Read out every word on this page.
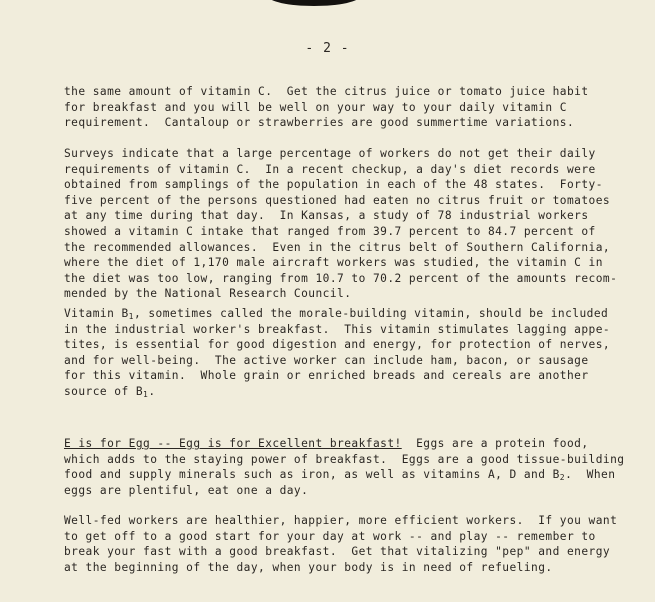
- 2 -
the same amount of vitamin C.  Get the citrus juice or tomato juice habit
for breakfast and you will be well on your way to your daily vitamin C
requirement.  Cantaloup or strawberries are good summertime variations.
Surveys indicate that a large percentage of workers do not get their daily
requirements of vitamin C.  In a recent checkup, a day's diet records were
obtained from samplings of the population in each of the 48 states.  Forty-
five percent of the persons questioned had eaten no citrus fruit or tomatoes
at any time during that day.  In Kansas, a study of 78 industrial workers
showed a vitamin C intake that ranged from 39.7 percent to 84.7 percent of
the recommended allowances.  Even in the citrus belt of Southern California,
where the diet of 1,170 male aircraft workers was studied, the vitamin C in
the diet was too low, ranging from 10.7 to 70.2 percent of the amounts recom-
mended by the National Research Council.
Vitamin $B_1$, sometimes called the morale-building vitamin, should be included
in the industrial worker's breakfast.  This vitamin stimulates lagging appe-
tites, is essential for good digestion and energy, for protection of nerves,
and for well-being.  The active worker can include ham, bacon, or sausage
for this vitamin.  Whole grain or enriched breads and cereals are another
source of $B_1$.
E is for Egg -- Egg is for Excellent breakfast!  Eggs are a protein food,
which adds to the staying power of breakfast.  Eggs are a good tissue-building
food and supply minerals such as iron, as well as vitamins A, D and $B_2$.  When
eggs are plentiful, eat one a day.
Well-fed workers are healthier, happier, more efficient workers.  If you want
to get off to a good start for your day at work -- and play -- remember to
break your fast with a good breakfast.  Get that vitalizing "pep" and energy
at the beginning of the day, when your body is in need of refueling.
